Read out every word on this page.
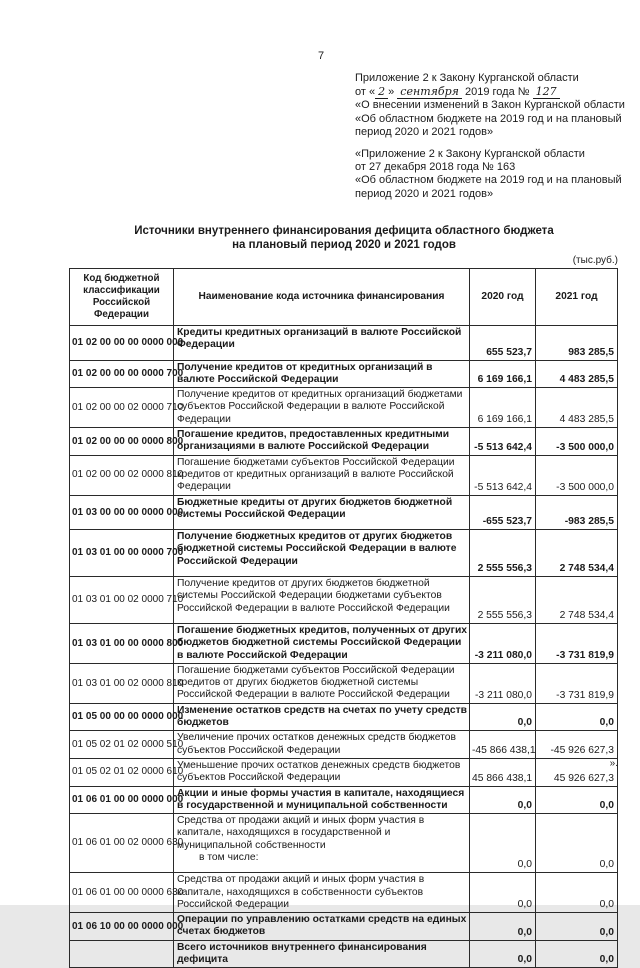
7
Приложение 2 к Закону Курганской области
от « 2 » сентября 2019 года № 127
«О внесении изменений в Закон Курганской области
«Об областном бюджете на 2019 год и на плановый
период 2020 и 2021 годов»
«Приложение 2 к Закону Курганской области
от 27 декабря 2018 года № 163
«Об областном бюджете на 2019 год и на плановый
период 2020 и 2021 годов»
Источники внутреннего финансирования дефицита областного бюджета
на плановый период 2020 и 2021 годов
(тыс.руб.)
Код бюджетной классификации Российской Федерации	Наименование кода источника финансирования	2020 год	2021 год
01 02 00 00 00 0000 000	Кредиты кредитных организаций в валюте Российской Федерации	655 523,7	983 285,5
01 02 00 00 00 0000 700	Получение кредитов от кредитных организаций в валюте Российской Федерации	6 169 166,1	4 483 285,5
01 02 00 00 02 0000 710	Получение кредитов от кредитных организаций бюджетами субъектов Российской Федерации в валюте Российской Федерации	6 169 166,1	4 483 285,5
01 02 00 00 00 0000 800	Погашение кредитов, предоставленных кредитными организациями в валюте Российской Федерации	-5 513 642,4	-3 500 000,0
01 02 00 00 02 0000 810	Погашение бюджетами субъектов Российской Федерации кредитов от кредитных организаций в валюте Российской Федерации	-5 513 642,4	-3 500 000,0
01 03 00 00 00 0000 000	Бюджетные кредиты от других бюджетов бюджетной системы Российской Федерации	-655 523,7	-983 285,5
01 03 01 00 00 0000 700	Получение бюджетных кредитов от других бюджетов бюджетной системы Российской Федерации в валюте Российской Федерации	2 555 556,3	2 748 534,4
01 03 01 00 02 0000 710	Получение кредитов от других бюджетов бюджетной системы Российской Федерации бюджетами субъектов Российской Федерации в валюте Российской Федерации	2 555 556,3	2 748 534,4
01 03 01 00 00 0000 800	Погашение бюджетных кредитов, полученных от других бюджетов бюджетной системы Российской Федерации в валюте Российской Федерации	-3 211 080,0	-3 731 819,9
01 03 01 00 02 0000 810	Погашение бюджетами субъектов Российской Федерации кредитов от других бюджетов бюджетной системы Российской Федерации в валюте Российской Федерации	-3 211 080,0	-3 731 819,9
01 05 00 00 00 0000 000	Изменение остатков средств на счетах по учету средств бюджетов	0,0	0,0
01 05 02 01 02 0000 510	Увеличение прочих остатков денежных средств бюджетов субъектов Российской Федерации	-45 866 438,1	-45 926 627,3
01 05 02 01 02 0000 610	Уменьшение прочих остатков денежных средств бюджетов субъектов Российской Федерации	45 866 438,1	45 926 627,3
01 06 01 00 00 0000 000	Акции и иные формы участия в капитале, находящиеся в государственной и муниципальной собственности	0,0	0,0
01 06 01 00 02 0000 630	Средства от продажи акций и иных форм участия в капитале, находящихся в государственной и муниципальной собственности
в том числе:	0,0	0,0
01 06 01 00 00 0000 630	Средства от продажи акций и иных форм участия в капитале, находящихся в собственности субъектов Российской Федерации	0,0	0,0
01 06 10 00 00 0000 000	Операции по управлению остатками средств на единых счетах бюджетов	0,0	0,0
	Всего источников внутреннего финансирования дефицита	0,0	0,0
».
